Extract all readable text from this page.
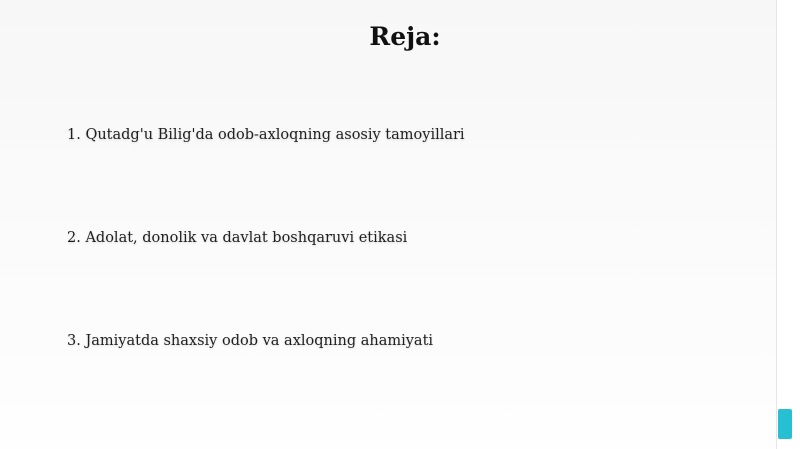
Reja:
1. Qutadg'u Bilig'da odob-axloqning asosiy tamoyillari
2. Adolat, donolik va davlat boshqaruvi etikasi
3. Jamiyatda shaxsiy odob va axloqning ahamiyati
